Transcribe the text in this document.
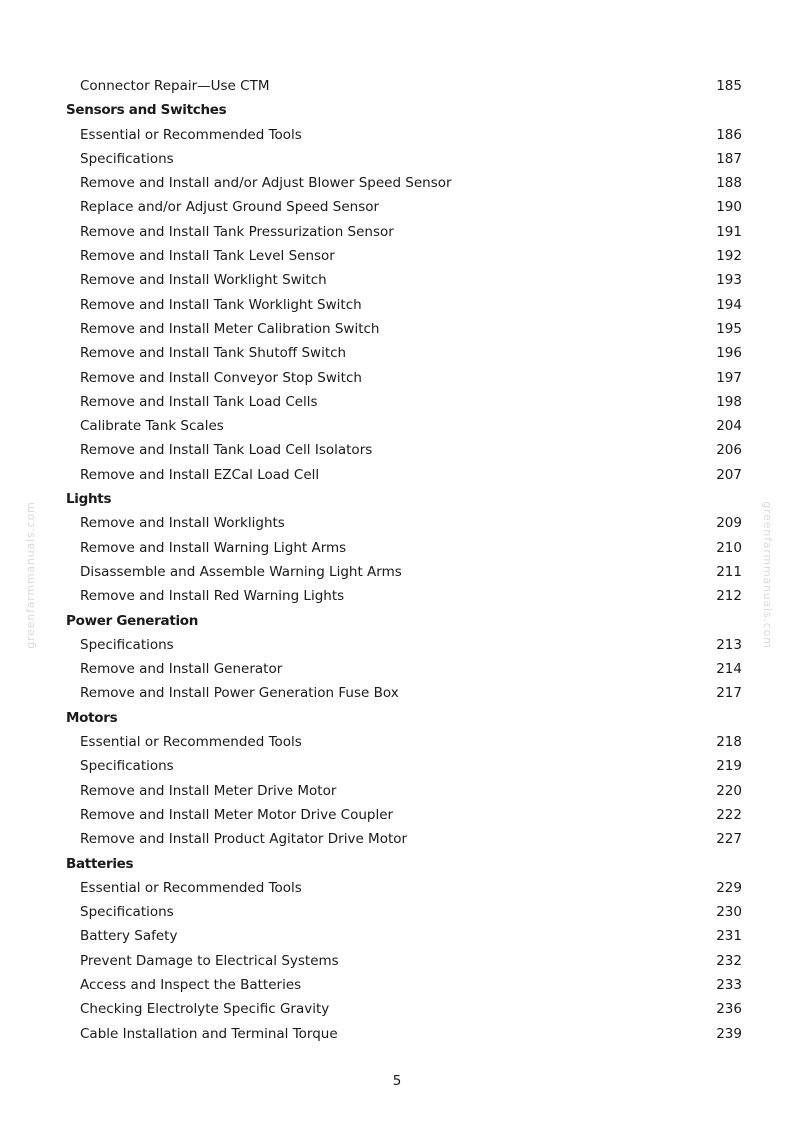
Connector Repair—Use CTM	185
Sensors and Switches
Essential or Recommended Tools	186
Specifications	187
Remove and Install and/or Adjust Blower Speed Sensor	188
Replace and/or Adjust Ground Speed Sensor	190
Remove and Install Tank Pressurization Sensor	191
Remove and Install Tank Level Sensor	192
Remove and Install Worklight Switch	193
Remove and Install Tank Worklight Switch	194
Remove and Install Meter Calibration Switch	195
Remove and Install Tank Shutoff Switch	196
Remove and Install Conveyor Stop Switch	197
Remove and Install Tank Load Cells	198
Calibrate Tank Scales	204
Remove and Install Tank Load Cell Isolators	206
Remove and Install EZCal Load Cell	207
Lights
Remove and Install Worklights	209
Remove and Install Warning Light Arms	210
Disassemble and Assemble Warning Light Arms	211
Remove and Install Red Warning Lights	212
Power Generation
Specifications	213
Remove and Install Generator	214
Remove and Install Power Generation Fuse Box	217
Motors
Essential or Recommended Tools	218
Specifications	219
Remove and Install Meter Drive Motor	220
Remove and Install Meter Motor Drive Coupler	222
Remove and Install Product Agitator Drive Motor	227
Batteries
Essential or Recommended Tools	229
Specifications	230
Battery Safety	231
Prevent Damage to Electrical Systems	232
Access and Inspect the Batteries	233
Checking Electrolyte Specific Gravity	236
Cable Installation and Terminal Torque	239
5
greenfarmmanuals.com	greenfarmmanuals.com
